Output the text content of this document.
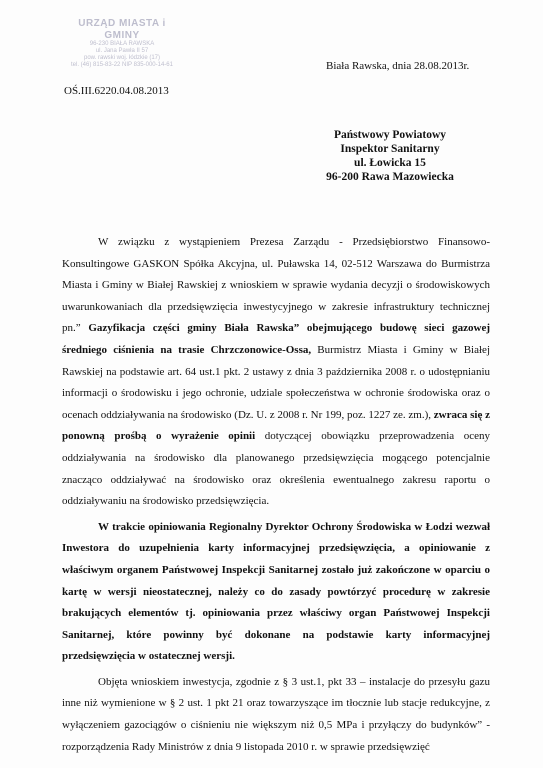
URZĄD MIASTA i GMINY
96-230 BIAŁA RAWSKA
ul. Jana Pawła II 57
pow. rawski woj. łódzkie (17)
tel. (46) 815-83-22 NIP 835-000-14-61
OŚ.III.6220.04.08.2013
Biała Rawska, dnia 28.08.2013r.
Państwowy Powiatowy
Inspektor Sanitarny
ul. Łowicka 15
96-200 Rawa Mazowiecka

W związku z wystąpieniem Prezesa Zarządu - Przedsiębiorstwo Finansowo-Konsultingowe GASKON Spółka Akcyjna, ul. Puławska 14, 02-512 Warszawa do Burmistrza Miasta i Gminy w Białej Rawskiej z wnioskiem w sprawie wydania decyzji o środowiskowych uwarunkowaniach dla przedsięwzięcia inwestycyjnego w zakresie infrastruktury technicznej pn.” Gazyfikacja części gminy Biała Rawska” obejmującego budowę sieci gazowej średniego ciśnienia na trasie Chrzczonowice-Ossa, Burmistrz Miasta i Gminy w Białej Rawskiej na podstawie art. 64 ust.1 pkt. 2 ustawy z dnia 3 października 2008 r. o udostępnianiu informacji o środowisku i jego ochronie, udziale społeczeństwa w ochronie środowiska oraz o ocenach oddziaływania na środowisko (Dz. U. z 2008 r. Nr 199, poz. 1227 ze. zm.), zwraca się z ponowną prośbą o wyrażenie opinii dotyczącej obowiązku przeprowadzenia oceny oddziaływania na środowisko dla planowanego przedsięwzięcia mogącego potencjalnie znacząco oddziaływać na środowisko oraz określenia ewentualnego zakresu raportu o oddziaływaniu na środowisko przedsięwzięcia.

W trakcie opiniowania Regionalny Dyrektor Ochrony Środowiska w Łodzi wezwał Inwestora do uzupełnienia karty informacyjnej przedsięwzięcia, a opiniowanie z właściwym organem Państwowej Inspekcji Sanitarnej zostało już zakończone w oparciu o kartę w wersji nieostatecznej, należy co do zasady powtórzyć procedurę w zakresie brakujących elementów tj. opiniowania przez właściwy organ Państwowej Inspekcji Sanitarnej, które powinny być dokonane na podstawie karty informacyjnej przedsięwzięcia w ostatecznej wersji.

Objęta wnioskiem inwestycja, zgodnie z § 3 ust.1, pkt 33 – instalacje do przesyłu gazu inne niż wymienione w § 2 ust. 1 pkt 21 oraz towarzyszące im tłocznie lub stacje redukcyjne, z wyłączeniem gazociągów o ciśnieniu nie większym niż 0,5 MPa i przyłączy do budynków” - rozporządzenia Rady Ministrów z dnia 9 listopada 2010 r. w sprawie przedsięwzięć
